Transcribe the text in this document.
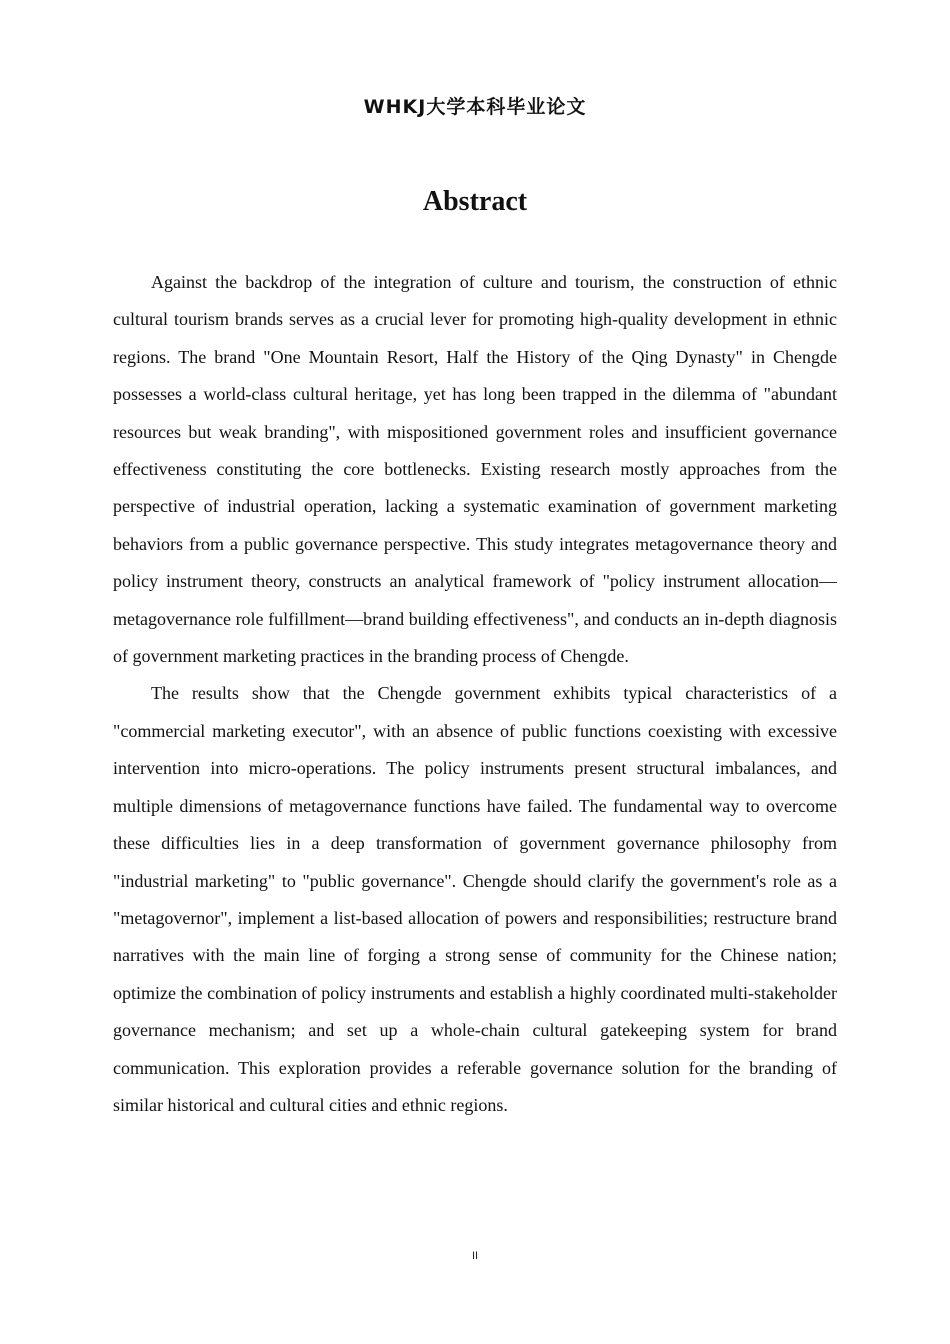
WHKJ大学本科毕业论文
Abstract

Against the backdrop of the integration of culture and tourism, the construction of ethnic cultural tourism brands serves as a crucial lever for promoting high-quality development in ethnic regions. The brand "One Mountain Resort, Half the History of the Qing Dynasty" in Chengde possesses a world-class cultural heritage, yet has long been trapped in the dilemma of "abundant resources but weak branding", with mispositioned government roles and insufficient governance effectiveness constituting the core bottlenecks. Existing research mostly approaches from the perspective of industrial operation, lacking a systematic examination of government marketing behaviors from a public governance perspective. This study integrates metagovernance theory and policy instrument theory, constructs an analytical framework of "policy instrument allocation—metagovernance role fulfillment—brand building effectiveness", and conducts an in-depth diagnosis of government marketing practices in the branding process of Chengde.

The results show that the Chengde government exhibits typical characteristics of a "commercial marketing executor", with an absence of public functions coexisting with excessive intervention into micro-operations. The policy instruments present structural imbalances, and multiple dimensions of metagovernance functions have failed. The fundamental way to overcome these difficulties lies in a deep transformation of government governance philosophy from "industrial marketing" to "public governance". Chengde should clarify the government's role as a "metagovernor", implement a list-based allocation of powers and responsibilities; restructure brand narratives with the main line of forging a strong sense of community for the Chinese nation; optimize the combination of policy instruments and establish a highly coordinated multi-stakeholder governance mechanism; and set up a whole-chain cultural gatekeeping system for brand communication. This exploration provides a referable governance solution for the branding of similar historical and cultural cities and ethnic regions.

II
